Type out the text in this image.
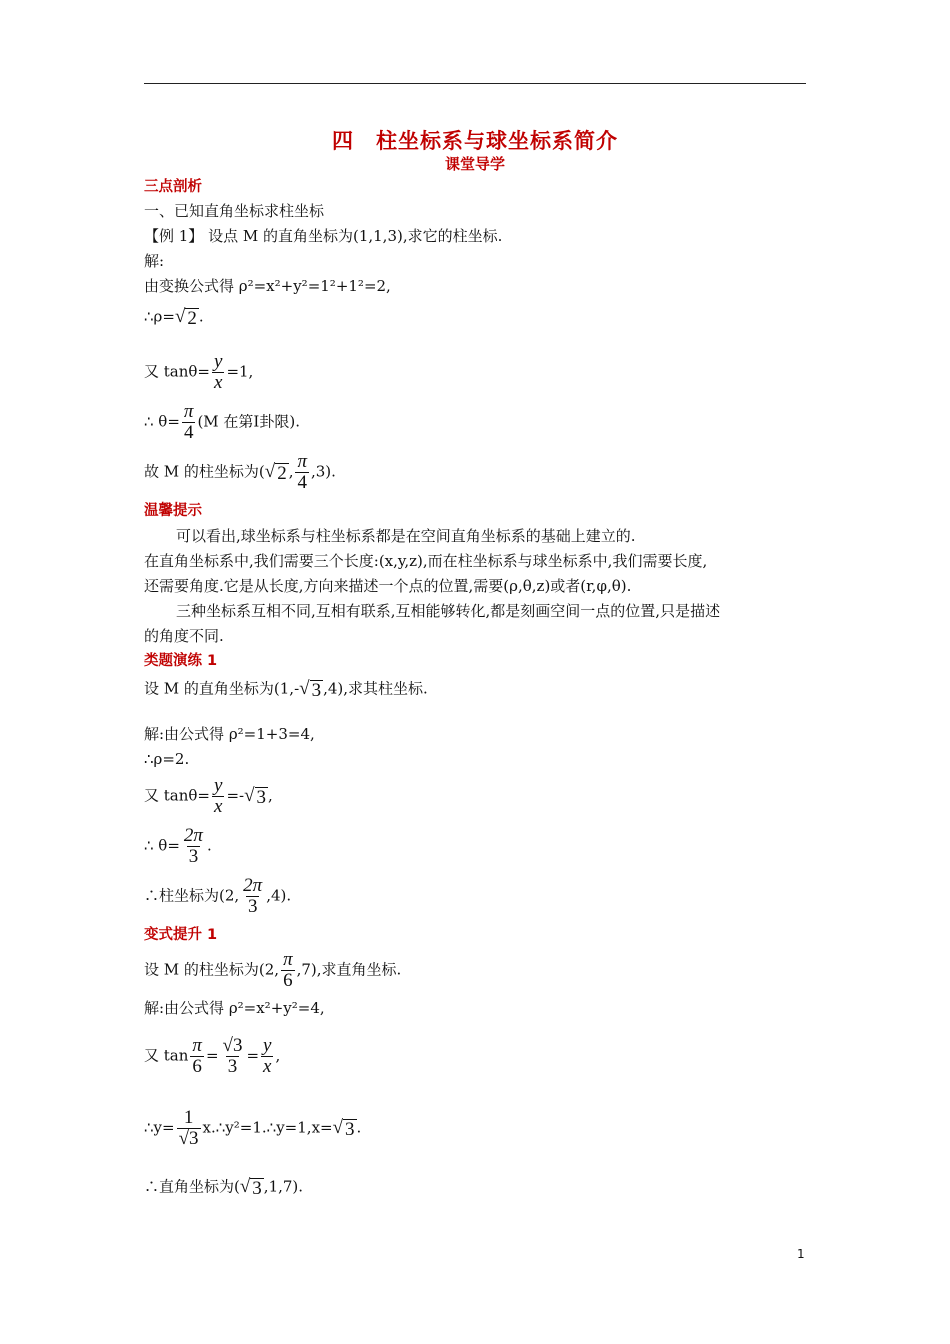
四　柱坐标系与球坐标系简介
课堂导学
三点剖析
一、已知直角坐标求柱坐标
【例 1】 设点 M 的直角坐标为(1,1,3),求它的柱坐标.
解:
由变换公式得 ρ²=x²+y²=1²+1²=2,
∴ρ= √ 2 .
又 $\tan\theta= \frac{y}{x} =1$,
∴ $\theta= \frac{\pi}{4} (M$ 在第Ⅰ卦限).
故 M 的柱坐标为( √ 2 , $\frac{\pi}{4} ,3$).
温馨提示
可以看出,球坐标系与柱坐标系都是在空间直角坐标系的基础上建立的.
在直角坐标系中,我们需要三个长度:(x,y,z),而在柱坐标系与球坐标系中,我们需要长度,
还需要角度.它是从长度,方向来描述一个点的位置,需要(ρ,θ,z)或者(r,φ,θ).
三种坐标系互相不同,互相有联系,互相能够转化,都是刻画空间一点的位置,只是描述
的角度不同.
类题演练 1
设 M 的直角坐标为(1,- √ 3 ,4),求其柱坐标.
解:由公式得 ρ²=1+3=4,
∴ρ=2.
又 $\tan\theta= \frac{y}{x}$ =- √ 3 ,
∴ $\theta= \frac{2\pi}{3}$ .
∴柱坐标为(2, $\frac{2\pi}{3} ,4$).
变式提升 1
设 M 的柱坐标为(2, $\frac{\pi}{6} ,7$),求直角坐标.
解:由公式得 ρ²=x²+y²=4,
又 $\tan \frac{\pi}{6} = \frac{√3}{3} = \frac{y}{x}$ ,
∴y= $\frac{1}{√3}$ x.∴y²=1.∴y=1,x= √ 3 .
∴直角坐标为( √ 3 ,1,7).
1
